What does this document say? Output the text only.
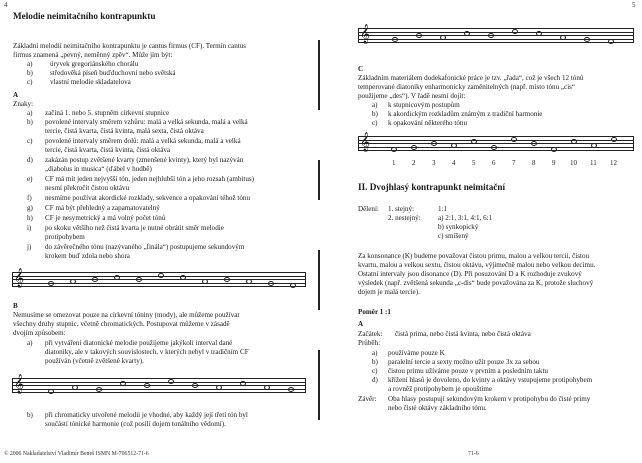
4
Melodie neimitačního kontrapunktu
Základní melodií neimitačního kontrapunktu je cantus firmus (CF). Termín cantus
firmus znamená „pevný, neměnný zpěv“. Může jím být:
a) úryvek gregoriánského chorálu
b) středověká píseň buďduchovní nebo světská
c) vlastní melodie skladatelova
A
Znaky:
a) začíná 1. nebo 5. stupněm církevní stupnice
b) povolené intervaly směrem vzhůru: malá a velká sekunda, malá a velká
tercie, čistá kvarta, čistá kvinta, malá sexta, čistá oktáva
c) povolené intervaly směrem dolů: malá a velká sekunda, malá a velká
tercie, čistá kvarta, čistá kvinta, čistá oktáva
d) zakázán postup zvětšené kvarty (zmenšené kvinty), který byl nazýván
„diabolus in musica“ (ďábel v hudbě)
e) CF má mít jeden nejvyšší tón, jeden nejhlubší tón a jeho rozsah (ambitus)
nesmí překročit čistou oktávu
f) nesmíme používat akordické rozklady, sekvence a opakování téhož tónu
g) CF má být přehledný a zapamatovatelný
h) CF je nesymetrický a má volný počet tónů
i) po skoku většího než čistá kvarta je nutné obrátit směr melodie
protipohybem
j) do závěrečného tónu (nazývaného „finála“) postupujeme sekundovým
krokem buď zdola nebo shora
𝄞
B
Nemusíme se omezovat pouze na církevní tóniny (mody), ale můžeme používat
všechny druhy stupnic, včetně chromatických. Postupovat můžeme v zásadě
dvojím způsobem:
a) při vytváření diatonické melodie použijeme jakýkoli interval dané
diatoniky, ale v takových souvislostech, v kterých nebyl v tradičním CF
používán (včetně zvětšené kvarty).
𝄞
b) při chromaticky utvořené melodii je vhodné, aby každý její třetí tón byl
součástí tónické harmonie (což posílí dojem tonálního vědomí).
© 2006 Nakladatelství Vladimír Beneš ISMN M-706512-71-6
5
𝄞
C
Základním materiálem dodekafonické práce je tzv. „řada“, což je všech 12 tónů
temperované diatoniky enharmonicky zaměnitelných (např. místo tónu „cis“
použijeme „des“). V řadě nesmí dojít:
a) k stupnicovým postupům
b) k akordickým rozkladům známým z tradiční harmonie
c) k opakování některého tónu
𝄞
1 2 3 4 5 6 7 8 9 10 11 12
II. Dvojhlasý kontrapunkt neimitační
Dělení: 1. stejný:	1:1
2. nestejný: a) 2:1, 3:1, 4:1, 6:1
b) synkopický
c) smíšený
Za konsonance (K) budeme považovat čistou primu, malou a velkou tercii, čistou
kvartu, malou a velkou sextu, čistou oktávu, výjimečně malou nebo velkou decimu.
Ostatní intervaly jsou disonance (D). Při posuzování D a K rozhoduje zvukový
výsledek (např. zvětšená sekunda „c-dis“ bude považována za K, protože sluchový
dojem je malá tercie).
Poměr 1 :1
A
Začátek: čistá prima, nebo čistá kvinta, nebo čistá oktáva
Průběh:
a) používáme pouze K
b) paralelní tercie a sexty možno užít pouze 3x za sebou
c) čistou primu užíváme pouze v prvním a posledním taktu
d) křížení hlasů je dovoleno, do kvinty a oktávy vstupujeme protipohybem
a rovněž protipohybem je opouštíme
Závěr: Oba hlasy postupují sekundovým krokem v protipohybu do čisté primy
nebo čisté oktávy základního tónu.
71-6
